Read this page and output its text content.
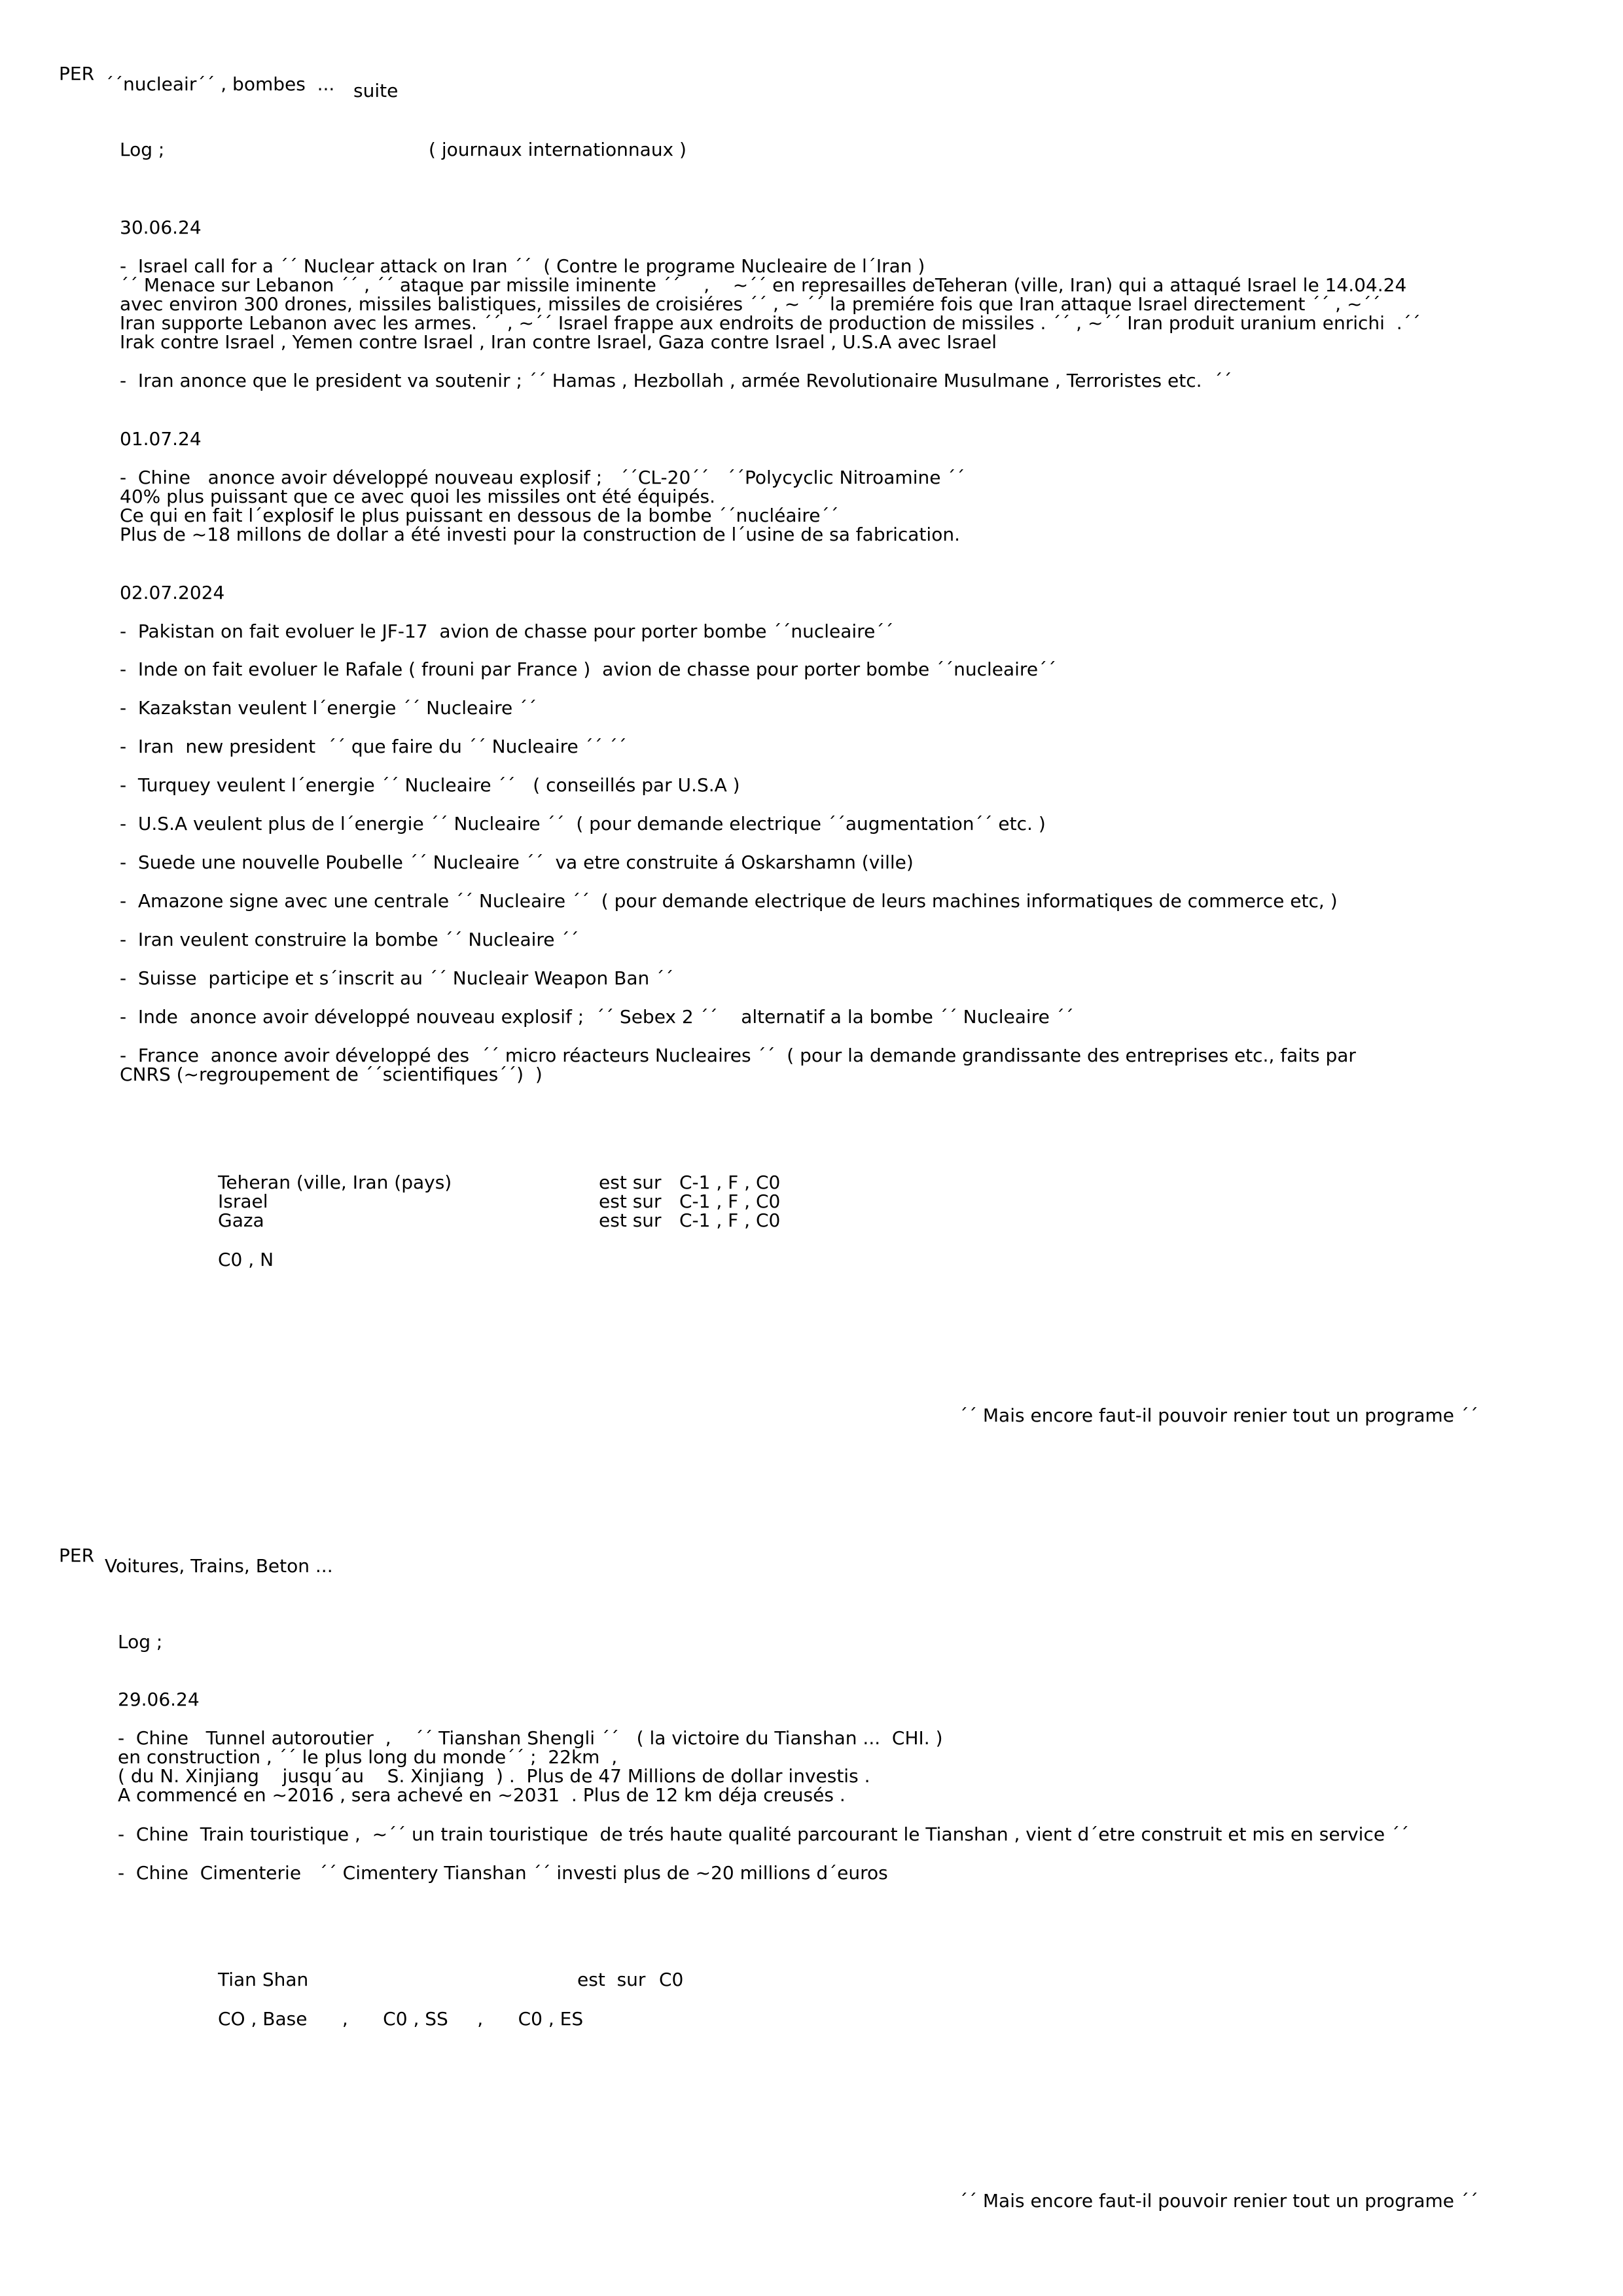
PER ´´nucleair´´ , bombes  ... suite
Log ;	( journaux internationnaux )
30.06.24
-  Israel call for a ´´ Nuclear attack on Iran ´´  ( Contre le programe Nucleaire de l´Iran )
´´ Menace sur Lebanon ´´ , ´´ ataque par missile iminente ´´    ,    ~´´ en represailles deTeheran (ville, Iran) qui a attaqué Israel le 14.04.24
avec environ 300 drones, missiles balistiques, missiles de croisiéres ´´ , ~ ´´ la premiére fois que Iran attaque Israel directement ´´ , ~´´
Iran supporte Lebanon avec les armes. ´´ , ~´´ Israel frappe aux endroits de production de missiles . ´´ , ~´´ Iran produit uranium enrichi  .´´
Irak contre Israel , Yemen contre Israel , Iran contre Israel, Gaza contre Israel , U.S.A avec Israel
-  Iran anonce que le president va soutenir ; ´´ Hamas , Hezbollah , armée Revolutionaire Musulmane , Terroristes etc.  ´´
01.07.24
-  Chine   anonce avoir développé nouveau explosif ;   ´´CL-20´´   ´´Polycyclic Nitroamine ´´
40% plus puissant que ce avec quoi les missiles ont été équipés.
Ce qui en fait l´explosif le plus puissant en dessous de la bombe ´´nucléaire´´
Plus de ~18 millons de dollar a été investi pour la construction de l´usine de sa fabrication.
02.07.2024
-  Pakistan on fait evoluer le JF-17  avion de chasse pour porter bombe ´´nucleaire´´
-  Inde on fait evoluer le Rafale ( frouni par France )  avion de chasse pour porter bombe ´´nucleaire´´
-  Kazakstan veulent l´energie ´´ Nucleaire ´´
-  Iran  new president  ´´ que faire du ´´ Nucleaire ´´ ´´
-  Turquey veulent l´energie ´´ Nucleaire ´´   ( conseillés par U.S.A )
-  U.S.A veulent plus de l´energie ´´ Nucleaire ´´  ( pour demande electrique ´´augmentation´´ etc. )
-  Suede une nouvelle Poubelle ´´ Nucleaire ´´  va etre construite á Oskarshamn (ville)
-  Amazone signe avec une centrale ´´ Nucleaire ´´  ( pour demande electrique de leurs machines informatiques de commerce etc, )
-  Iran veulent construire la bombe ´´ Nucleaire ´´
-  Suisse  participe et s´inscrit au ´´ Nucleair Weapon Ban ´´
-  Inde  anonce avoir développé nouveau explosif ;  ´´ Sebex 2 ´´    alternatif a la bombe ´´ Nucleaire ´´
-  France  anonce avoir développé des  ´´ micro réacteurs Nucleaires ´´  ( pour la demande grandissante des entreprises etc., faits par
CNRS (~regroupement de ´´scientifiques´´)  )
Teheran (ville, Iran (pays)
Israel
Gaza
est sur
est sur
est sur
C-1 , F , C0
C-1 , F , C0
C-1 , F , C0
C0 , N
´´ Mais encore faut-il pouvoir renier tout un programe ´´
PER Voitures, Trains, Beton ...
Log ;
29.06.24
-  Chine   Tunnel autoroutier  ,    ´´ Tianshan Shengli ´´   ( la victoire du Tianshan ...  CHI. )
en construction , ´´ le plus long du monde´´ ;  22km  ,
( du N. Xinjiang    jusqu´au    S. Xinjiang  ) .  Plus de 47 Millions de dollar investis .
A commencé en ~2016 , sera achevé en ~2031  . Plus de 12 km déja creusés .
-  Chine  Train touristique ,  ~´´ un train touristique  de trés haute qualité parcourant le Tianshan , vient d´etre construit et mis en service ´´
-  Chine  Cimenterie   ´´ Cimentery Tianshan ´´ investi plus de ~20 millions d´euros
Tian Shan	est  sur C0
CO , Base      ,      C0 , SS     ,      C0 , ES
´´ Mais encore faut-il pouvoir renier tout un programe ´´
